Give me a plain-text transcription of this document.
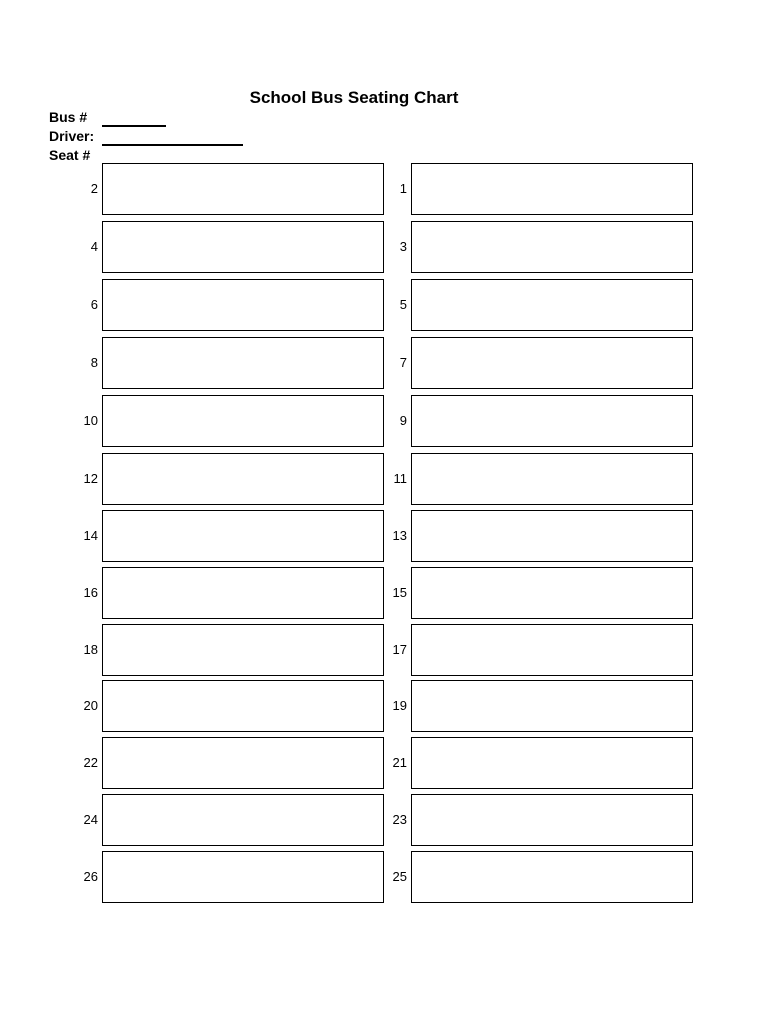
School Bus Seating Chart
Bus #
Driver:
Seat #
2	1
4	3
6	5
8	7
10	9
12	11
14	13
16	15
18	17
20	19
22	21
24	23
26	25
